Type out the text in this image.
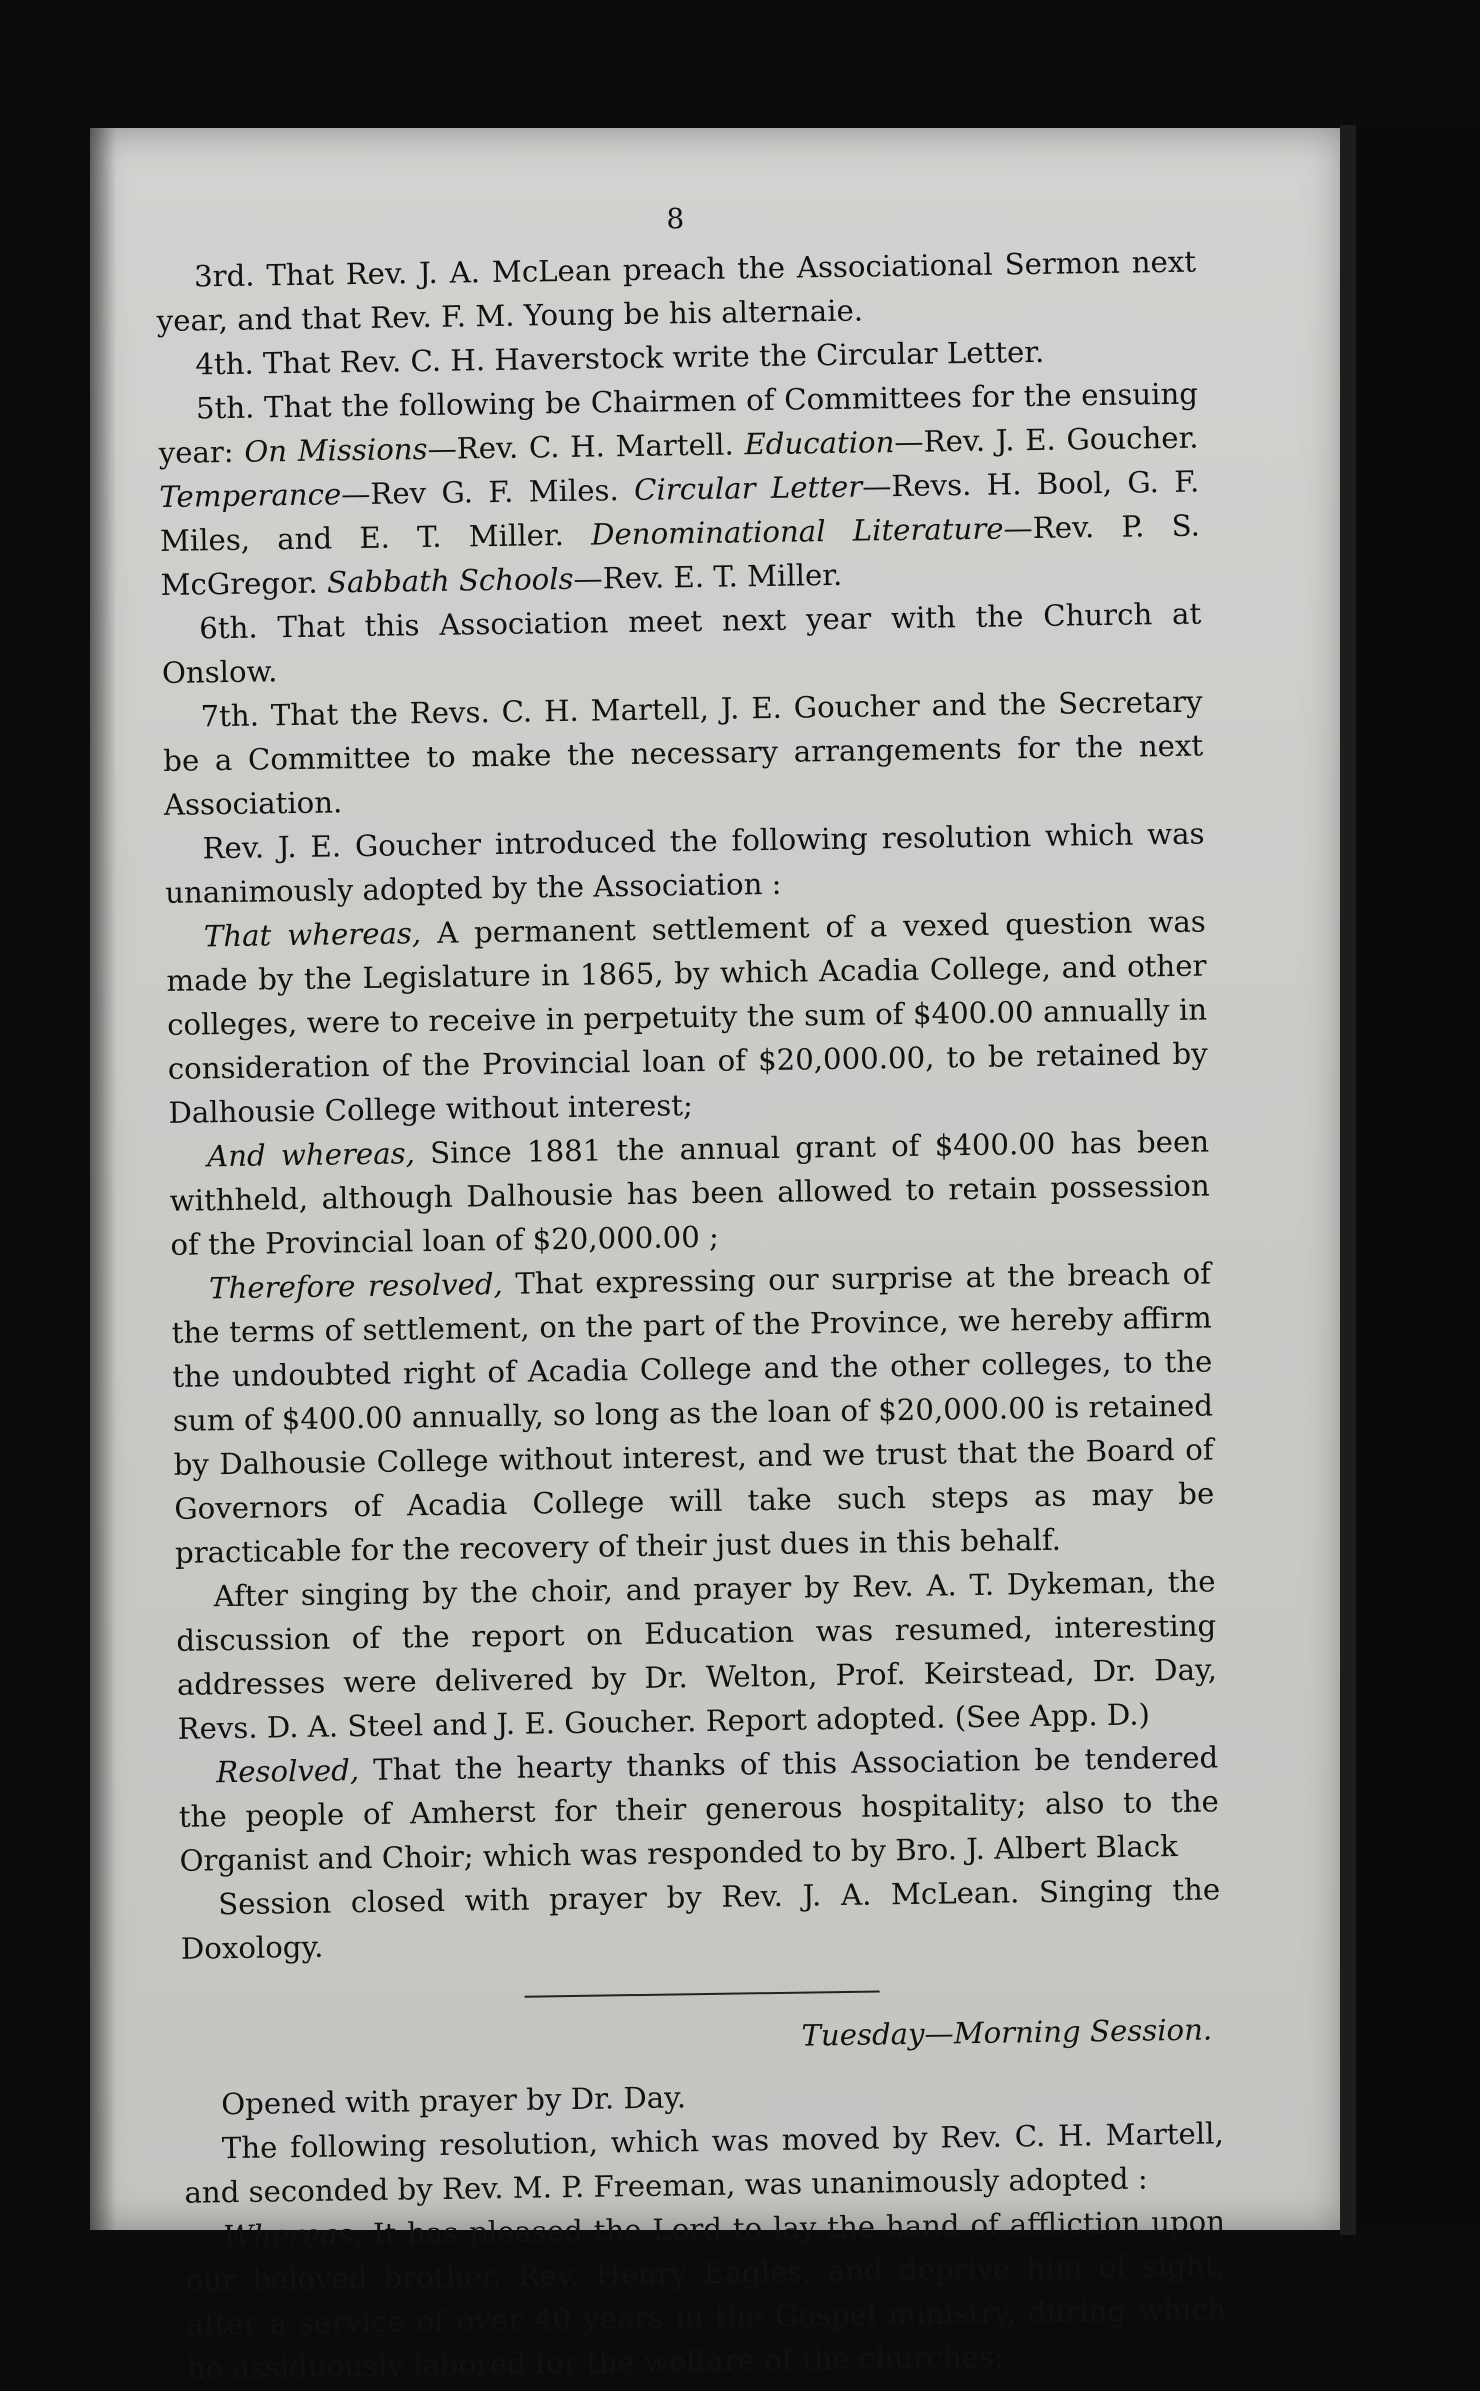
8

3rd. That Rev. J. A. McLean preach the Associational Sermon next year, and that Rev. F. M. Young be his alternaie.

4th. That Rev. C. H. Haverstock write the Circular Letter.

5th. That the following be Chairmen of Committees for the ensuing year: On Missions—Rev. C. H. Martell. Education—Rev. J. E. Goucher. Temperance—Rev G. F. Miles. Circular Letter—Revs. H. Bool, G. F. Miles, and E. T. Miller. Denominational Literature—Rev. P. S. McGregor. Sabbath Schools—Rev. E. T. Miller.

6th. That this Association meet next year with the Church at Onslow.

7th. That the Revs. C. H. Martell, J. E. Goucher and the Secretary be a Committee to make the necessary arrangements for the next Association.

Rev. J. E. Goucher introduced the following resolution which was unanimously adopted by the Association :

That whereas, A permanent settlement of a vexed question was made by the Legislature in 1865, by which Acadia College, and other colleges, were to receive in perpetuity the sum of $400.00 annually in consideration of the Provincial loan of $20,000.00, to be retained by Dalhousie College without interest;

And whereas, Since 1881 the annual grant of $400.00 has been withheld, although Dalhousie has been allowed to retain possession of the Provincial loan of $20,000.00 ;

Therefore resolved, That expressing our surprise at the breach of the terms of settlement, on the part of the Province, we hereby affirm the undoubted right of Acadia College and the other colleges, to the sum of $400.00 annually, so long as the loan of $20,000.00 is retained by Dalhousie College without interest, and we trust that the Board of Governors of Acadia College will take such steps as may be practicable for the recovery of their just dues in this behalf.

After singing by the choir, and prayer by Rev. A. T. Dykeman, the discussion of the report on Education was resumed, interesting addresses were delivered by Dr. Welton, Prof. Keirstead, Dr. Day, Revs. D. A. Steel and J. E. Goucher. Report adopted. (See App. D.)

Resolved, That the hearty thanks of this Association be tendered the people of Amherst for their generous hospitality; also to the Organist and Choir; which was responded to by Bro. J. Albert Black

Session closed with prayer by Rev. J. A. McLean. Singing the Doxology.

Tuesday—Morning Session.

Opened with prayer by Dr. Day.

The following resolution, which was moved by Rev. C. H. Martell, and seconded by Rev. M. P. Freeman, was unanimously adopted :

Whereas, It has pleased the Lord to lay the hand of affliction upon our beloved brother, Rev. Henry Eagles, and deprive him of sight, after a service of over 40 years in the Gospel ministry, during which he assiduously labored for the welfare of the churches;
